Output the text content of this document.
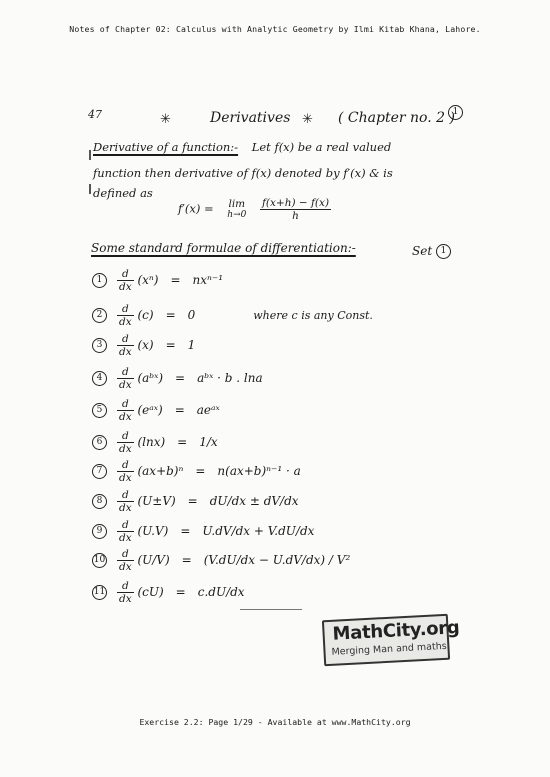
Notes of Chapter 02: Calculus with Analytic Geometry by Ilmi Kitab Khana, Lahore.
47	✳	Derivatives ✳ ( Chapter no. 2 )
1
Derivative of a function:- Let f(x) be a real valued
function then derivative of f(x) denoted by f′(x) & is
defined as
f′(x) =	lim
h→0
$\frac{f(x+h) - f(x)}{h}$
Some standard formulae of differentiation:-	Set 1
$1 \frac{d}{dx} (x^n) = nx^{n-1}$
$2 \frac{d}{dx} (c) = 0$	where c is any Const.
$3 \frac{d}{dx} (x) = 1$
$4 \frac{d}{dx}$ (aᵇˣ) = aᵇˣ · b . lna
$5 \frac{d}{dx}$ (eᵃˣ) = aeᵃˣ
$6 \frac{d}{dx} (\ln x) = 1/x$
$7 \frac{d}{dx} (ax+b)^n = n(ax+b)^{n-1} \cdot a$
$8 \frac{d}{dx} (U\pm V) = dU/dx \pm dV/dx$
$9 \frac{d}{dx} (U.V) = U.dV/dx + V.dU/dx$
$10 \frac{d}{dx} (U/V) = (V.dU/dx - U.dV/dx) / V^2$
$11 \frac{d}{dx} (cU) = c.dU/dx$
MathCity.org
Merging Man and maths
Exercise 2.2: Page 1/29 - Available at www.MathCity.org
